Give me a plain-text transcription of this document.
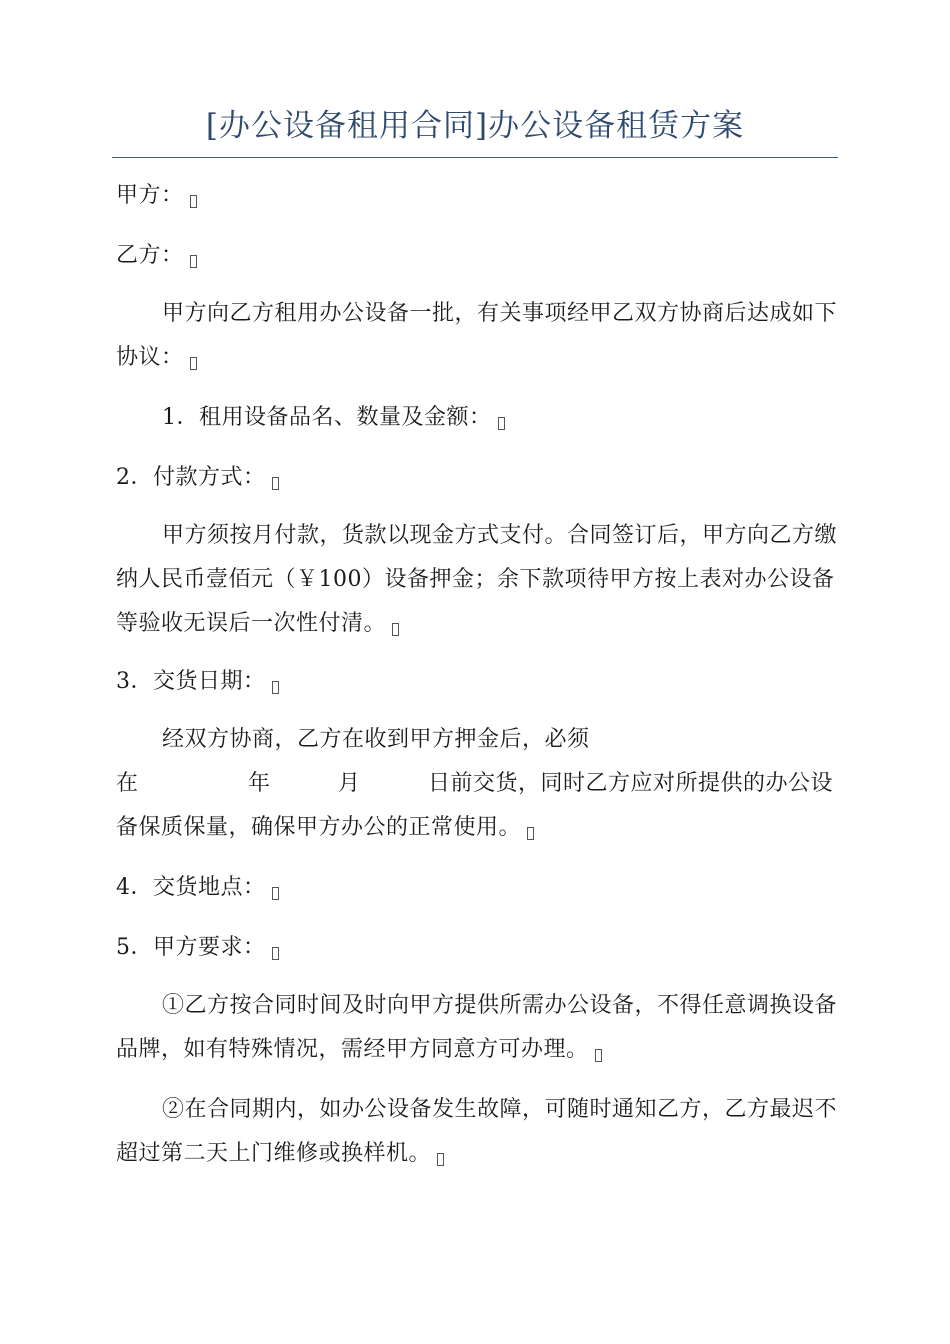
[办公设备租用合同]办公设备租赁方案
甲方：
乙方：
甲方向乙方租用办公设备一批，有关事项经甲乙双方协商后达成如下
协议：
1．租用设备品名、数量及金额：
2．付款方式：
甲方须按月付款，货款以现金方式支付。合同签订后，甲方向乙方缴
纳人民币壹佰元（￥100）设备押金；余下款项待甲方按上表对办公设备
等验收无误后一次性付清。
3．交货日期：
经双方协商，乙方在收到甲方押金后，必须
在	年	月	日前交货，同时乙方应对所提供的办公设
备保质保量，确保甲方办公的正常使用。
4．交货地点：
5．甲方要求：
①乙方按合同时间及时向甲方提供所需办公设备，不得任意调换设备
品牌，如有特殊情况，需经甲方同意方可办理。
②在合同期内，如办公设备发生故障，可随时通知乙方，乙方最迟不
超过第二天上门维修或换样机。
